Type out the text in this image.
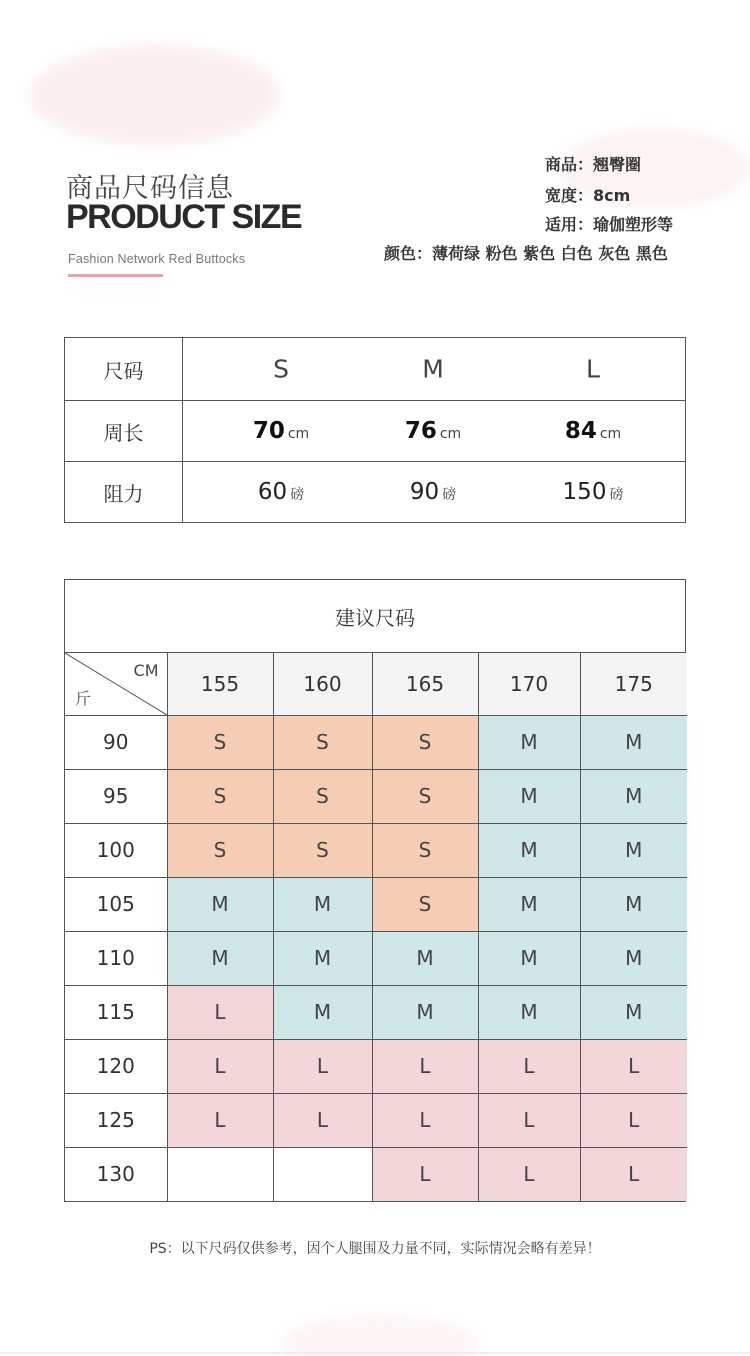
商品尺码信息
PRODUCT SIZE
Fashion Network Red Buttocks
商品：翘臀圈
宽度：8cm
适用：瑜伽塑形等
颜色：薄荷绿 粉色 紫色 白色 灰色 黑色
尺码	S M L

周长	70 cm 76 cm 84 cm

阻力	60 磅 90 磅 150 磅
建议尺码
CM
斤	155	160	165	170	175
90	S	S	S	M	M
95	S	S	S	M	M
100	S	S	S	M	M
105	M	M	S	M	M
110	M	M	M	M	M
115	L	M	M	M	M
120	L	L	L	L	L
125	L	L	L	L	L
130			L	L	L
PS：以下尺码仅供参考，因个人腿围及力量不同，实际情况会略有差异！
